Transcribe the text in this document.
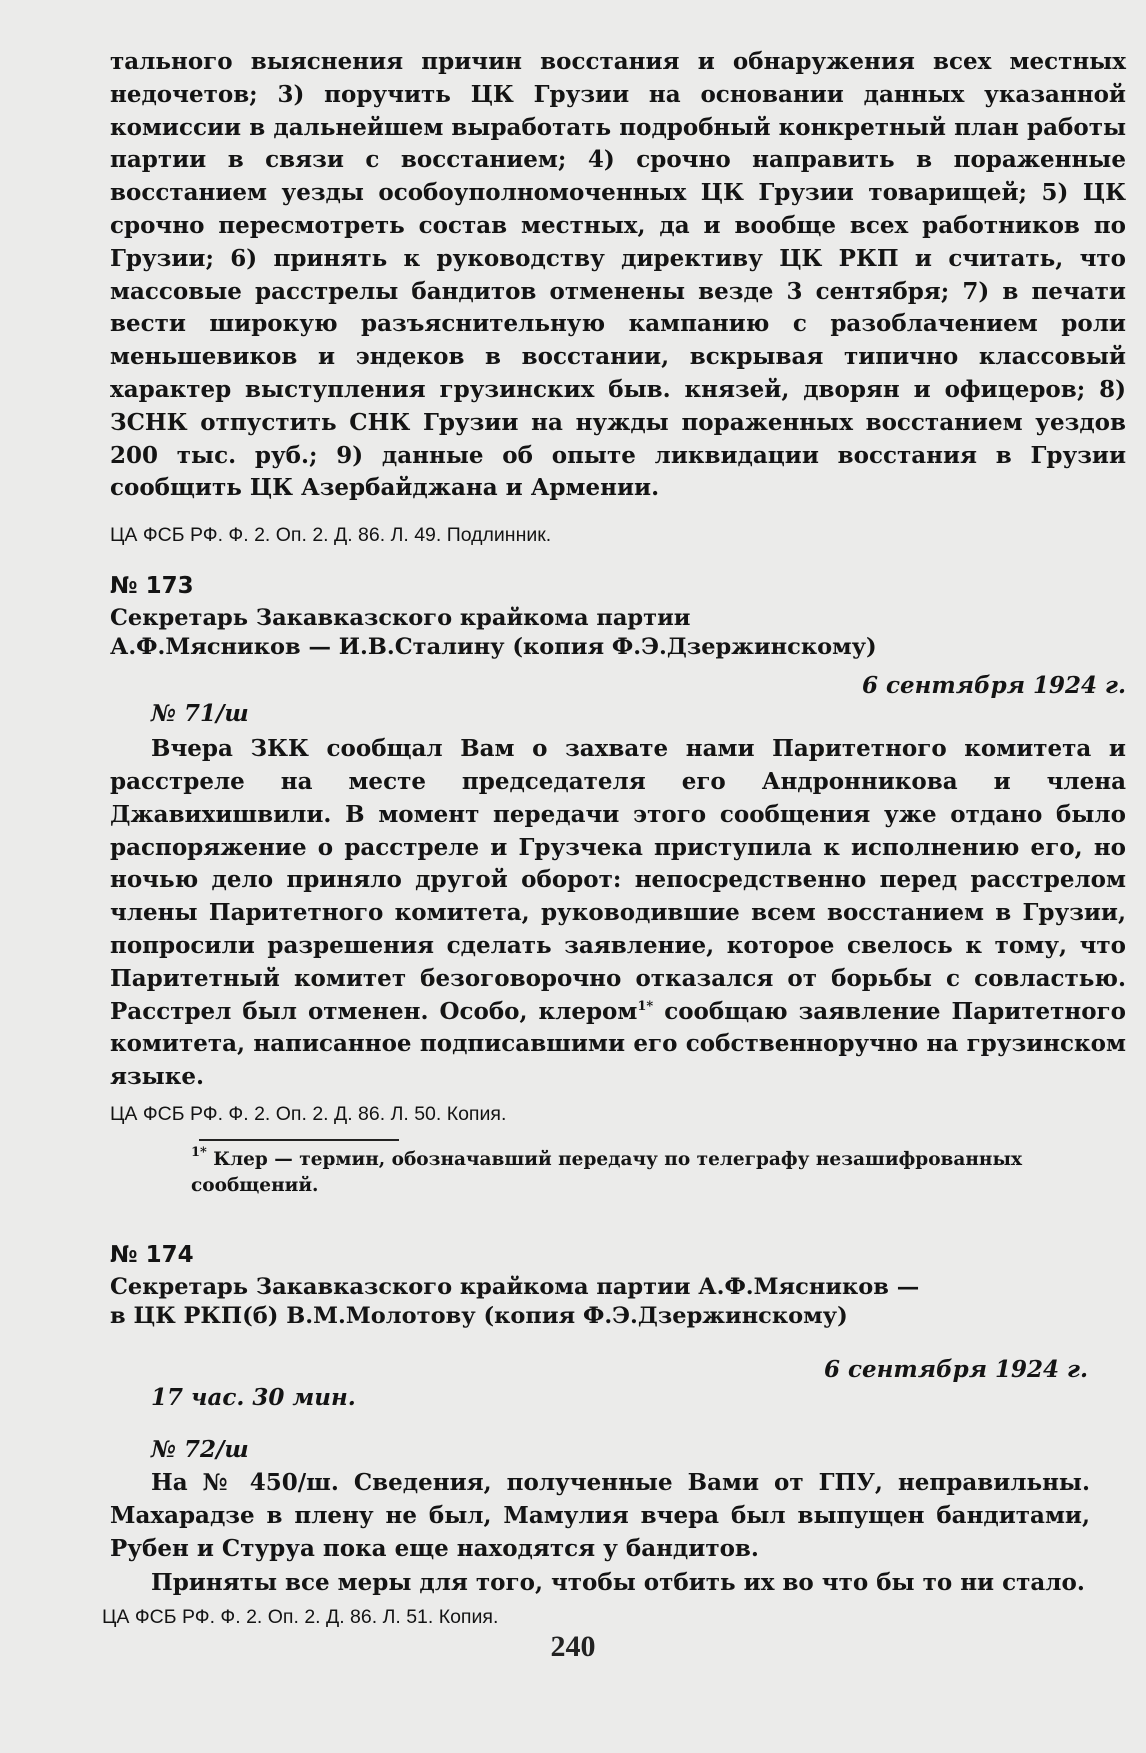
тального выяснения причин восстания и обнаружения всех местных недочетов; 3) поручить ЦК Грузии на основании данных указанной комиссии в дальнейшем выработать подробный конкретный план работы партии в связи с восстанием; 4) срочно направить в пораженные восстанием уезды особоуполномоченных ЦК Грузии товарищей; 5) ЦК срочно пересмотреть состав местных, да и вообще всех работников по Грузии; 6) принять к руководству директиву ЦК РКП и считать, что массовые расстрелы бандитов отменены везде 3 сентября; 7) в печати вести широкую разъяснительную кампанию с разоблачением роли меньшевиков и эндеков в восстании, вскрывая типично классовый характер выступления грузинских быв. князей, дворян и офицеров; 8) ЗСНК отпустить СНК Грузии на нужды пораженных восстанием уездов 200 тыс. руб.; 9) данные об опыте ликвидации восстания в Грузии сообщить ЦК Азербайджана и Армении.

ЦА ФСБ РФ. Ф. 2. Оп. 2. Д. 86. Л. 49. Подлинник.

№ 173

Секретарь Закавказского крайкома партии

А.Ф.Мясников — И.В.Сталину (копия Ф.Э.Дзержинскому)

6 сентября 1924 г.

№ 71/ш

Вчера ЗКК сообщал Вам о захвате нами Паритетного комитета и расстреле на месте председателя его Андронникова и члена Джавихишвили. В момент передачи этого сообщения уже отдано было распоряжение о расстреле и Грузчека приступила к исполнению его, но ночью дело приняло другой оборот: непосредственно перед расстрелом члены Паритетного комитета, руководившие всем восстанием в Грузии, попросили разрешения сделать заявление, которое свелось к тому, что Паритетный комитет безоговорочно отказался от борьбы с совластью. Расстрел был отменен. Особо, клером$^{1*}$ сообщаю заявление Паритетного комитета, написанное подписавшими его собственноручно на грузинском языке.

ЦА ФСБ РФ. Ф. 2. Оп. 2. Д. 86. Л. 50. Копия.

$^{1*}$ Клер — термин, обозначавший передачу по телеграфу незашифрованных сообщений.

№ 174

Секретарь Закавказского крайкома партии А.Ф.Мясников —

в ЦК РКП(б) В.М.Молотову (копия Ф.Э.Дзержинскому)

6 сентября 1924 г.

17 час. 30 мин.

№ 72/ш

На № 450/ш. Сведения, полученные Вами от ГПУ, неправильны. Махарадзе в плену не был, Мамулия вчера был выпущен бандитами, Рубен и Стуруа пока еще находятся у бандитов.

Приняты все меры для того, чтобы отбить их во что бы то ни стало.

ЦА ФСБ РФ. Ф. 2. Оп. 2. Д. 86. Л. 51. Копия.

240
